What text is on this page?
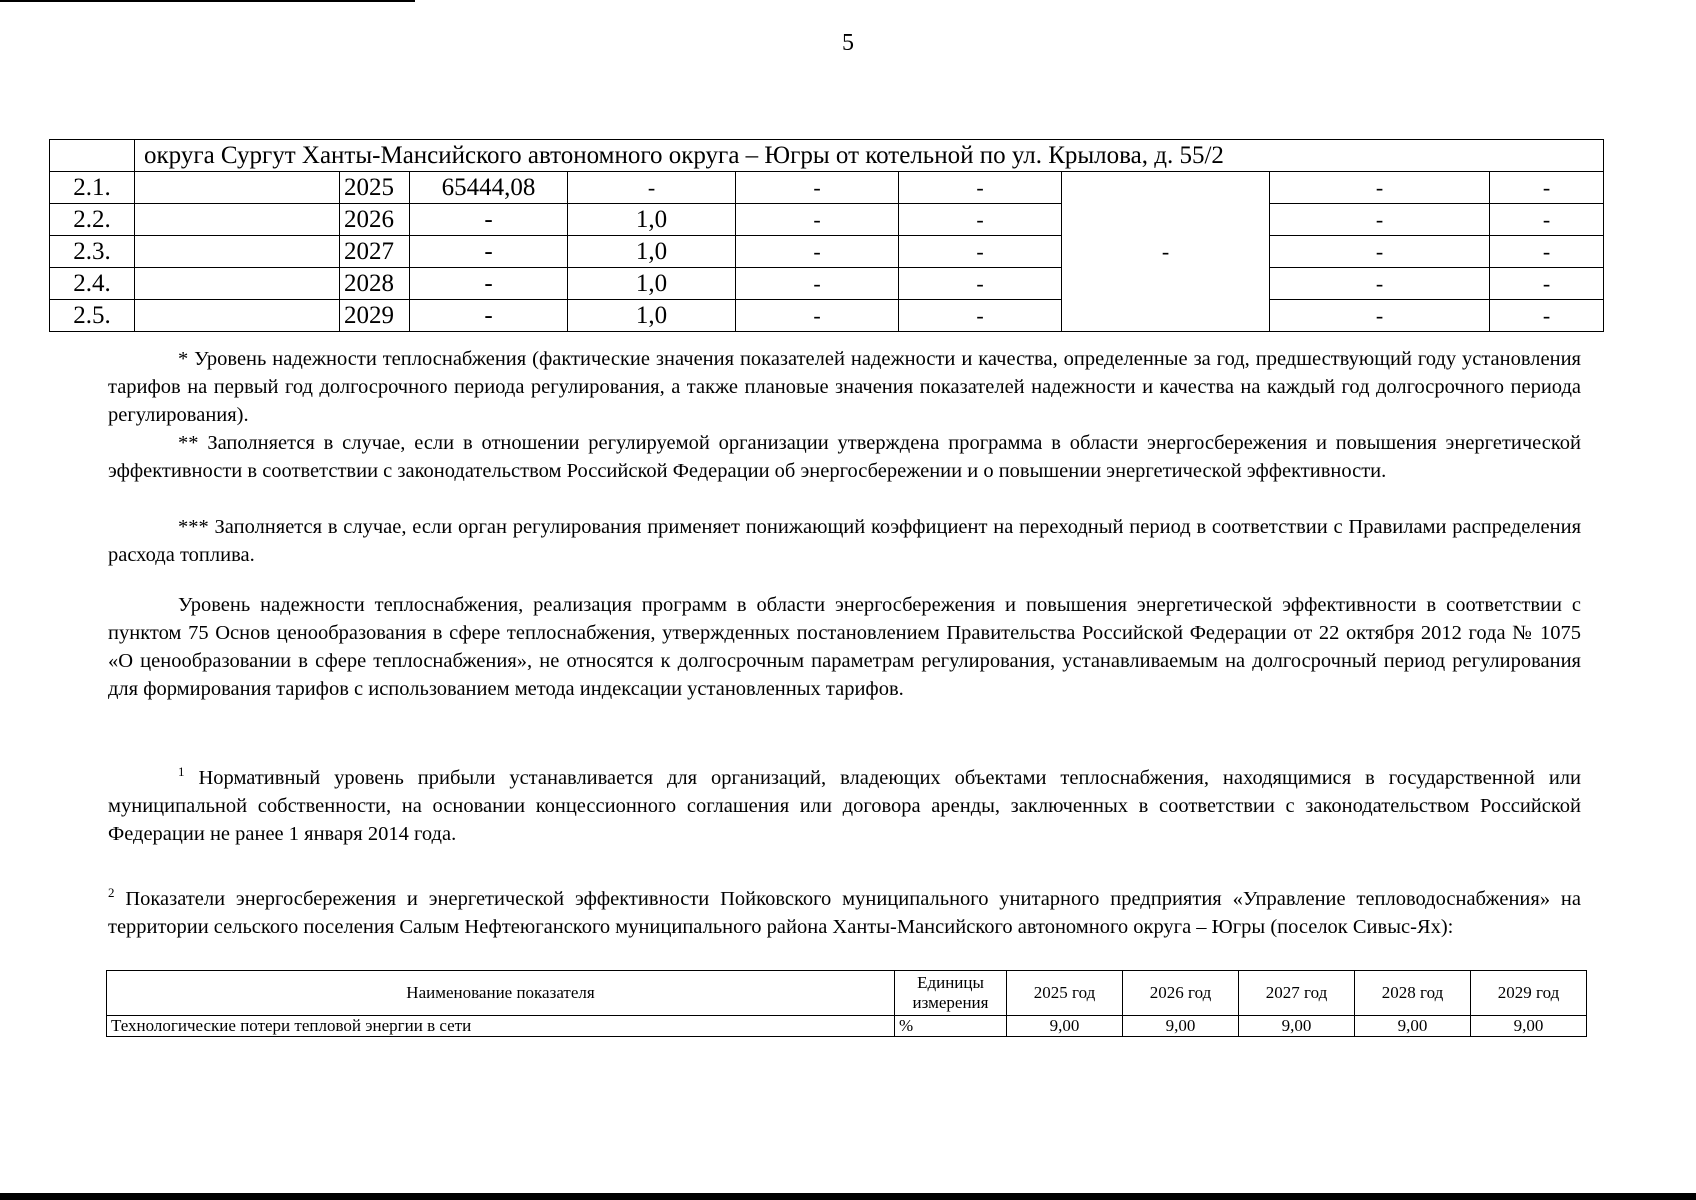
5
	округа Сургут Ханты-Мансийского автономного округа – Югры от котельной по ул. Крылова, д. 55/2								
2.1.		2025	65444,08	-	-	-	-	-	-
2.2.		2026	-	1,0	-	-		-	-
2.3.		2027	-	1,0	-	-		-	-
2.4.		2028	-	1,0	-	-		-	-
2.5.		2029	-	1,0	-	-		-	-

* Уровень надежности теплоснабжения (фактические значения показателей надежности и качества, определенные за год, предшествующий году установления тарифов на первый год долгосрочного периода регулирования, а также плановые значения показателей надежности и качества на каждый год долгосрочного периода регулирования).

** Заполняется в случае, если в отношении регулируемой организации утверждена программа в области энергосбережения и повышения энергетической эффективности в соответствии с законодательством Российской Федерации об энергосбережении и о повышении энергетической эффективности.

*** Заполняется в случае, если орган регулирования применяет понижающий коэффициент на переходный период в соответствии с Правилами распределения расхода топлива.

Уровень надежности теплоснабжения, реализация программ в области энергосбережения и повышения энергетической эффективности в соответствии с пунктом 75 Основ ценообразования в сфере теплоснабжения, утвержденных постановлением Правительства Российской Федерации от 22 октября 2012 года № 1075 «О ценообразовании в сфере теплоснабжения», не относятся к долгосрочным параметрам регулирования, устанавливаемым на долгосрочный период регулирования для формирования тарифов с использованием метода индексации установленных тарифов.

$^1$ Нормативный уровень прибыли устанавливается для организаций, владеющих объектами теплоснабжения, находящимися в государственной или муниципальной собственности, на основании концессионного соглашения или договора аренды, заключенных в соответствии с законодательством Российской Федерации не ранее 1 января 2014 года.

$^2$ Показатели энергосбережения и энергетической эффективности Пойковского муниципального унитарного предприятия «Управление тепловодоснабжения» на территории сельского поселения Салым Нефтеюганского муниципального района Ханты-Мансийского автономного округа – Югры (поселок Сивыс-Ях):

Наименование показателя	Единицы измерения	2025 год	2026 год	2027 год	2028 год	2029 год
Технологические потери тепловой энергии в сети	%	9,00	9,00	9,00	9,00	9,00
